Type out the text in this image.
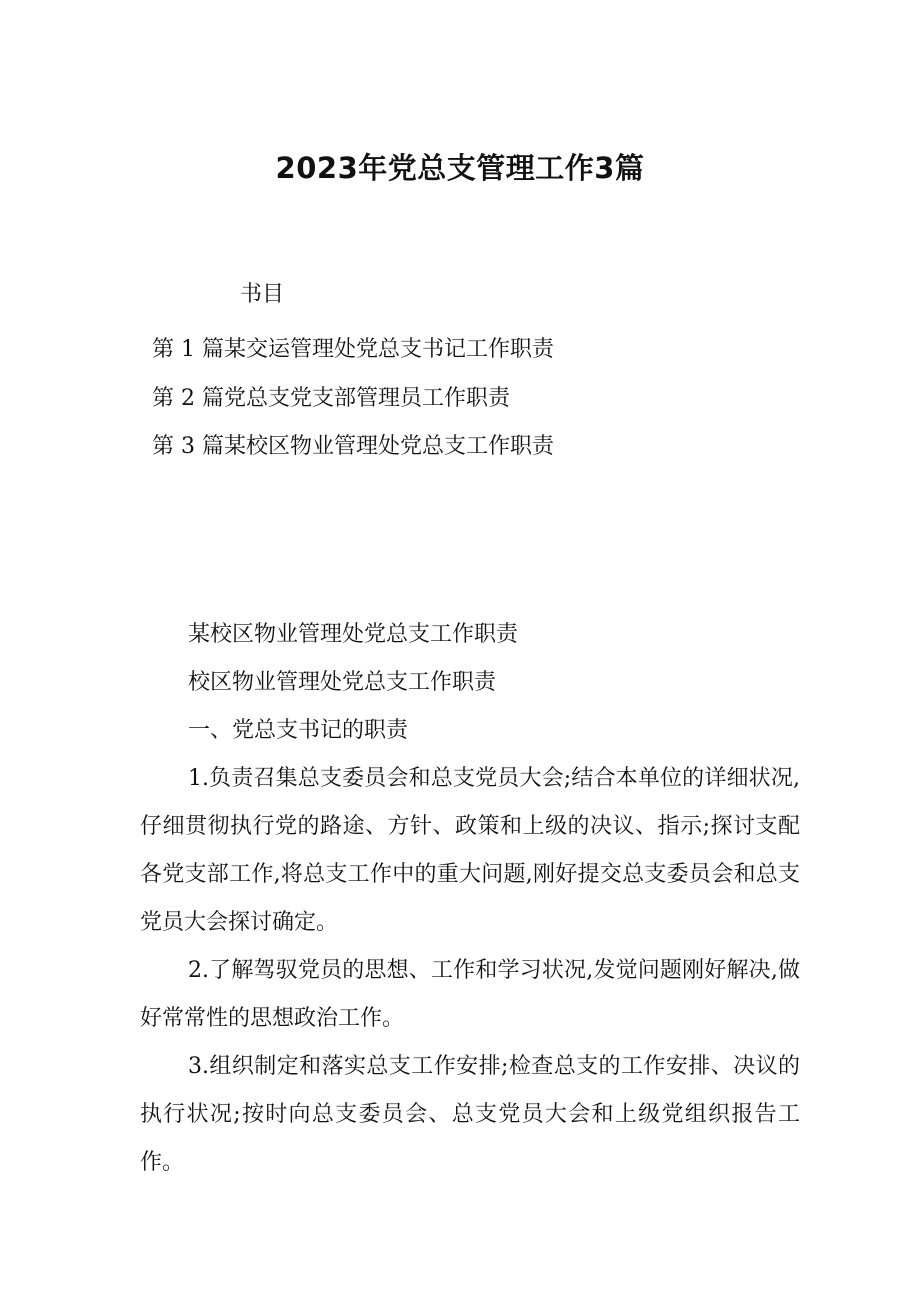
2023年党总支管理工作3篇
书目
第 1 篇某交运管理处党总支书记工作职责
第 2 篇党总支党支部管理员工作职责
第 3 篇某校区物业管理处党总支工作职责

某校区物业管理处党总支工作职责

校区物业管理处党总支工作职责

一、党总支书记的职责

1.负责召集总支委员会和总支党员大会;结合本单位的详细状况,仔细贯彻执行党的路途、方针、政策和上级的决议、指示;探讨支配各党支部工作,将总支工作中的重大问题,刚好提交总支委员会和总支党员大会探讨确定。

2.了解驾驭党员的思想、工作和学习状况,发觉问题刚好解决,做好常常性的思想政治工作。

3.组织制定和落实总支工作安排;检查总支的工作安排、决议的执行状况;按时向总支委员会、总支党员大会和上级党组织报告工作。
